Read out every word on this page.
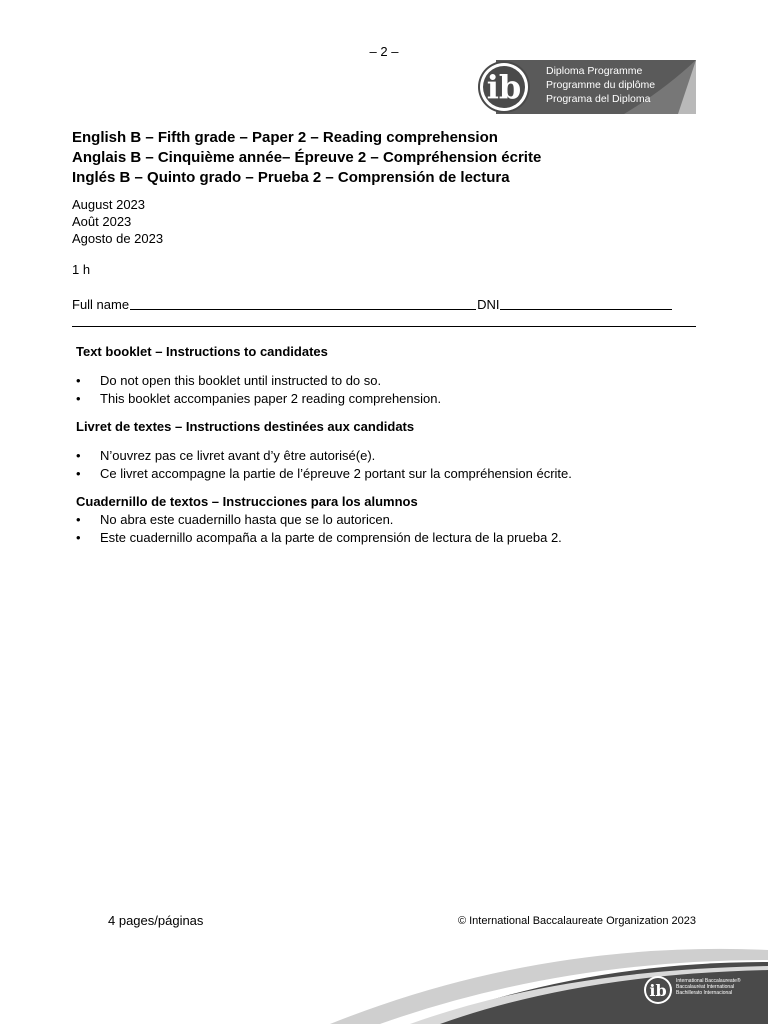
– 2 –
ib Diploma Programme
Programme du diplôme
Programa del Diploma
English B – Fifth grade – Paper 2 – Reading comprehension
Anglais B – Cinquième année– Épreuve 2 – Compréhension écrite
Inglés B – Quinto grado – Prueba 2 – Comprensión de lectura
August 2023
Août 2023
Agosto de 2023
1 h
Full name	DNI
Text booklet – Instructions to candidates
• Do not open this booklet until instructed to do so.
• This booklet accompanies paper 2 reading comprehension.
Livret de textes – Instructions destinées aux candidats
• N’ouvrez pas ce livret avant d’y être autorisé(e).
• Ce livret accompagne la partie de l’épreuve 2 portant sur la compréhension écrite.
Cuadernillo de textos – Instrucciones para los alumnos
• No abra este cuadernillo hasta que se lo autoricen.
• Este cuadernillo acompaña a la parte de comprensión de lectura de la prueba 2.
4 pages/páginas	© International Baccalaureate Organization 2023
ib International Baccalaureate®
Baccalauréat International
Bachillerato Internacional
